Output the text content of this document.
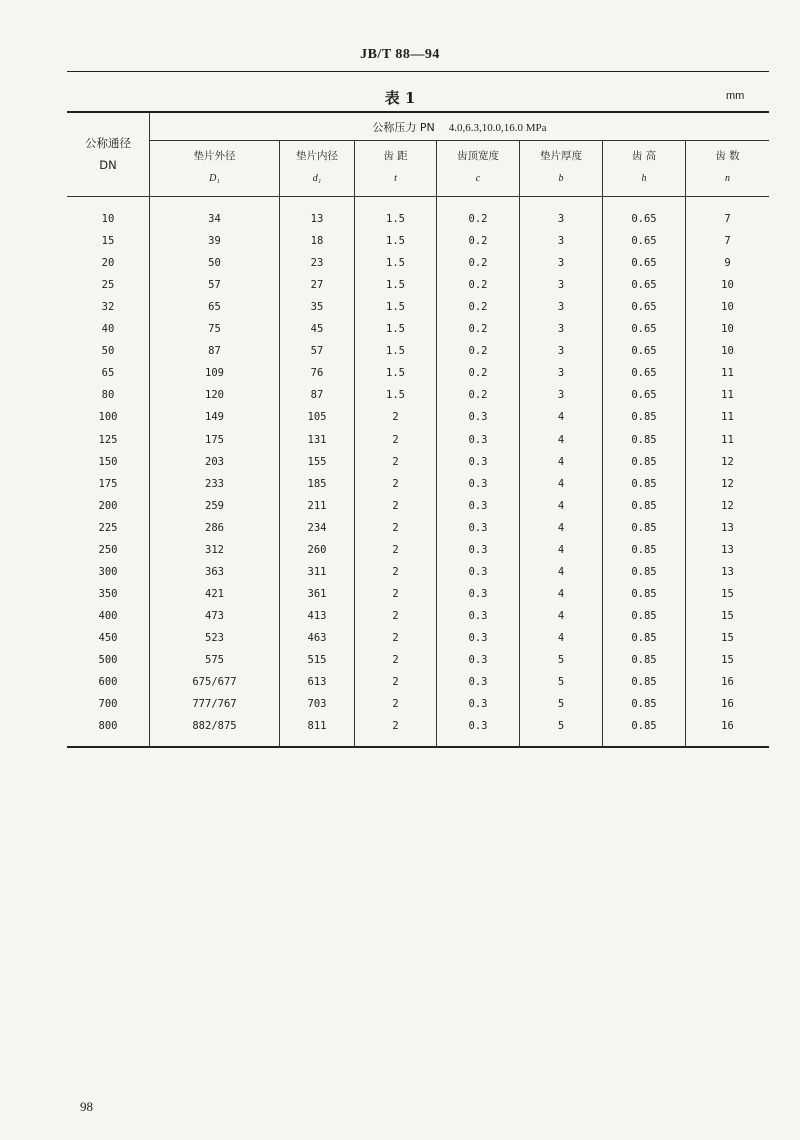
JB/T 88—94
表 1	mm
公称通径
DN
公称压力 PN 4.0,6.3,10.0,16.0 MPa
垫片外径	垫片内径	齿 距	齿顶宽度	垫片厚度	齿 高	齿 数
D₁	d₁	t	c	b	h	n
10	34	13	1.5	0.2	3	0.65	7
15	39	18	1.5	0.2	3	0.65	7
20	50	23	1.5	0.2	3	0.65	9
25	57	27	1.5	0.2	3	0.65	10
32	65	35	1.5	0.2	3	0.65	10
40	75	45	1.5	0.2	3	0.65	10
50	87	57	1.5	0.2	3	0.65	10
65	109	76	1.5	0.2	3	0.65	11
80	120	87	1.5	0.2	3	0.65	11
100	149	105	2	0.3	4	0.85	11
125	175	131	2	0.3	4	0.85	11
150	203	155	2	0.3	4	0.85	12
175	233	185	2	0.3	4	0.85	12
200	259	211	2	0.3	4	0.85	12
225	286	234	2	0.3	4	0.85	13
250	312	260	2	0.3	4	0.85	13
300	363	311	2	0.3	4	0.85	13
350	421	361	2	0.3	4	0.85	15
400	473	413	2	0.3	4	0.85	15
450	523	463	2	0.3	4	0.85	15
500	575	515	2	0.3	5	0.85	15
600	675/677	613	2	0.3	5	0.85	16
700	777/767	703	2	0.3	5	0.85	16
800	882/875	811	2	0.3	5	0.85	16
98
